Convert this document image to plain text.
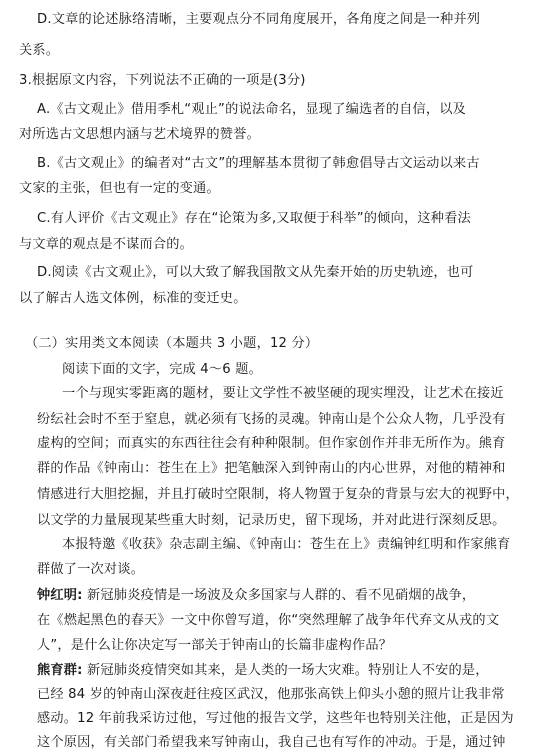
D.文章的论述脉络清晰，主要观点分不同角度展开，各角度之间是一种并列
关系。
3.根据原文内容，下列说法不正确的一项是(3分)
A.《古文观止》借用季札“观止”的说法命名，显现了编选者的自信，以及
对所选古文思想内涵与艺术境界的赞誉。
B.《古文观止》的编者对“古文”的理解基本贯彻了韩愈倡导古文运动以来古
文家的主张，但也有一定的变通。
C.有人评价《古文观止》存在“论策为多,又取便于科举”的倾向，这种看法
与文章的观点是不谋而合的。
D.阅读《古文观止》，可以大致了解我国散文从先秦开始的历史轨迹，也可
以了解古人选文体例，标准的变迁史。
（二）实用类文本阅读（本题共 3 小题，12 分）
阅读下面的文字，完成 4～6 题。
一个与现实零距离的题材，要让文学性不被坚硬的现实埋没，让艺术在接近
纷纭社会时不至于窒息，就必须有飞扬的灵魂。钟南山是个公众人物，几乎没有
虚构的空间；而真实的东西往往会有种种限制。但作家创作并非无所作为。熊育
群的作品《钟南山：苍生在上》把笔触深入到钟南山的内心世界，对他的精神和
情感进行大胆挖掘，并且打破时空限制，将人物置于复杂的背景与宏大的视野中，
以文学的力量展现某些重大时刻，记录历史，留下现场，并对此进行深刻反思。
本报特邀《收获》杂志副主编、《钟南山：苍生在上》责编钟红明和作家熊育
群做了一次对谈。
钟红明: 新冠肺炎疫情是一场波及众多国家与人群的、看不见硝烟的战争，
在《燃起黑色的春天》一文中你曾写道，你“突然理解了战争年代弃文从戎的文
人”，是什么让你决定写一部关于钟南山的长篇非虚构作品？
熊育群: 新冠肺炎疫情突如其来，是人类的一场大灾难。特别让人不安的是，
已经 84 岁的钟南山深夜赶往疫区武汉，他那张高铁上仰头小憩的照片让我非常
感动。12 年前我采访过他，写过他的报告文学，这些年也特别关注他，正是因为
这个原因，有关部门希望我来写钟南山，我自己也有写作的冲动。于是，通过钟
